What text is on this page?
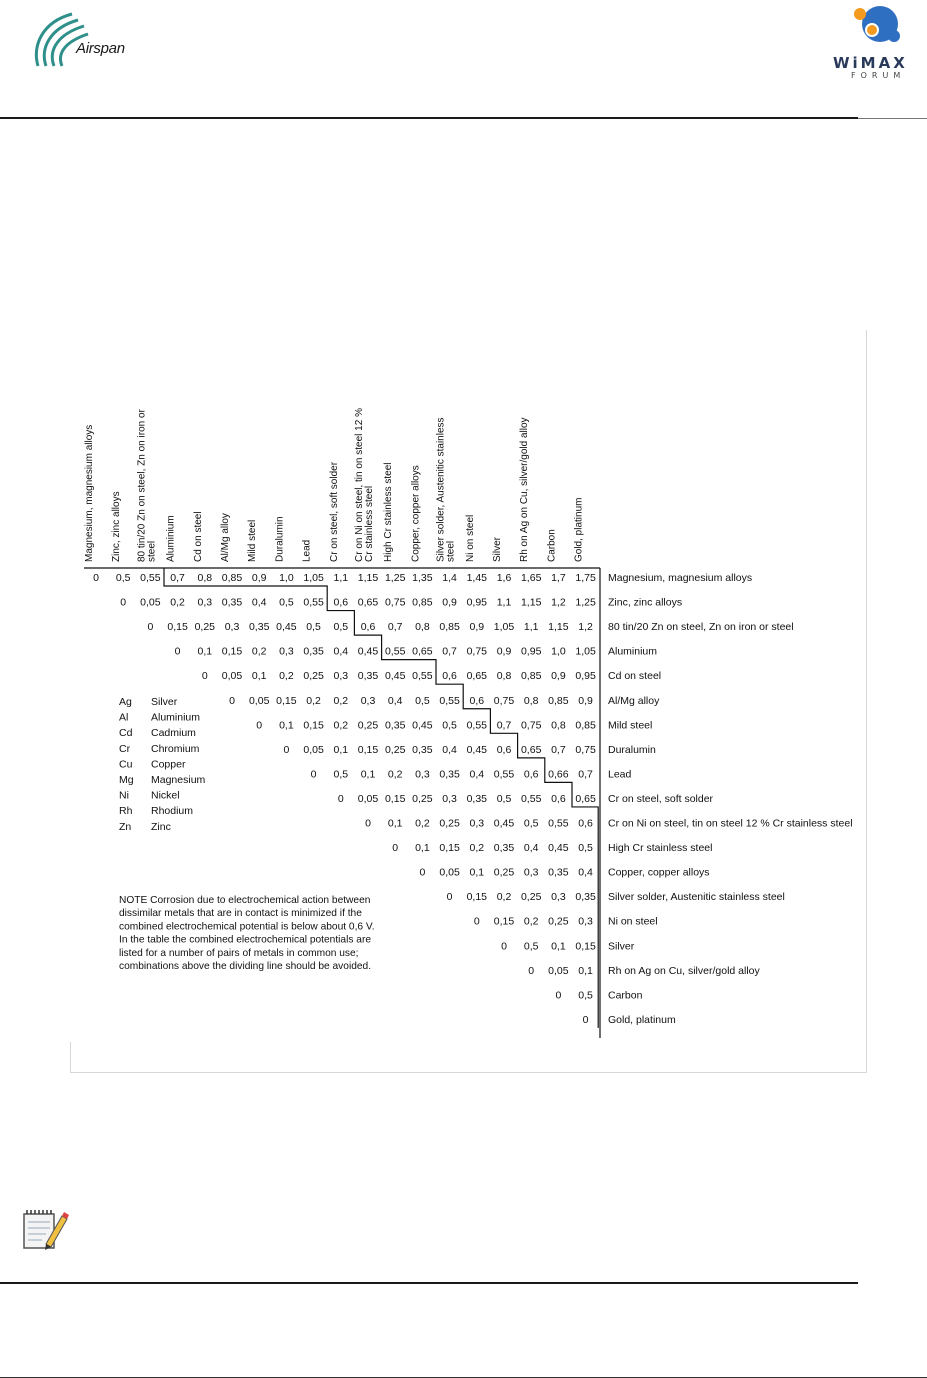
Airspan
WiMAX
FORUM
Magnesium, magnesium alloys Zinc, zinc alloys 80 tin/20 Zn on steel, Zn on iron or steel Aluminium Cd on steel Al/Mg alloy Mild steel Duralumin Lead Cr on steel, soft solder Cr on Ni on steel, tin on steel 12 % Cr stainless steel High Cr stainless steel Copper, copper alloys Silver solder, Austenitic stainless steel Ni on steel Silver Rh on Ag on Cu, silver/gold alloy Carbon Gold, platinum
0 0,5 0,55 0,7 0,8 0,85 0,9 1,0 1,05 1,1 1,15 1,25 1,35 1,4 1,45 1,6 1,65 1,7 1,75 Magnesium, magnesium alloys
0 0,05 0,2 0,3 0,35 0,4 0,5 0,55 0,6 0,65 0,75 0,85 0,9 0,95 1,1 1,15 1,2 1,25 Zinc, zinc alloys
0 0,15 0,25 0,3 0,35 0,45 0,5 0,5 0,6 0,7 0,8 0,85 0,9 1,05 1,1 1,15 1,2 80 tin/20 Zn on steel, Zn on iron or steel
0 0,1 0,15 0,2 0,3 0,35 0,4 0,45 0,55 0,65 0,7 0,75 0,9 0,95 1,0 1,05 Aluminium
0 0,05 0,1 0,2 0,25 0,3 0,35 0,45 0,55 0,6 0,65 0,8 0,85 0,9 0,95 Cd on steel
0 0,05 0,15 0,2 0,2 0,3 0,4 0,5 0,55 0,6 0,75 0,8 0,85 0,9 Al/Mg alloy
0 0,1 0,15 0,2 0,25 0,35 0,45 0,5 0,55 0,7 0,75 0,8 0,85 Mild steel
0 0,05 0,1 0,15 0,25 0,35 0,4 0,45 0,6 0,65 0,7 0,75 Duralumin
0 0,5 0,1 0,2 0,3 0,35 0,4 0,55 0,6 0,66 0,7 Lead
0 0,05 0,15 0,25 0,3 0,35 0,5 0,55 0,6 0,65 Cr on steel, soft solder
0 0,1 0,2 0,25 0,3 0,45 0,5 0,55 0,6 Cr on Ni on steel, tin on steel 12 % Cr stainless steel
0 0,1 0,15 0,2 0,35 0,4 0,45 0,5 High Cr stainless steel
0 0,05 0,1 0,25 0,3 0,35 0,4 Copper, copper alloys
0 0,15 0,2 0,25 0,3 0,35 Silver solder, Austenitic stainless steel
0 0,15 0,2 0,25 0,3 Ni on steel
0 0,5 0,1 0,15 Silver
0 0,05 0,1 Rh on Ag on Cu, silver/gold alloy
0 0,5 Carbon
0 Gold, platinum
Ag Silver
Al Aluminium
Cd Cadmium
Cr Chromium
Cu Copper
Mg Magnesium
Ni Nickel
Rh Rhodium
Zn Zinc
NOTE Corrosion due to electrochemical action between
dissimilar metals that are in contact is minimized if the
combined electrochemical potential is below about 0,6 V.
In the table the combined electrochemical potentials are
listed for a number of pairs of metals in common use;
combinations above the dividing line should be avoided.
